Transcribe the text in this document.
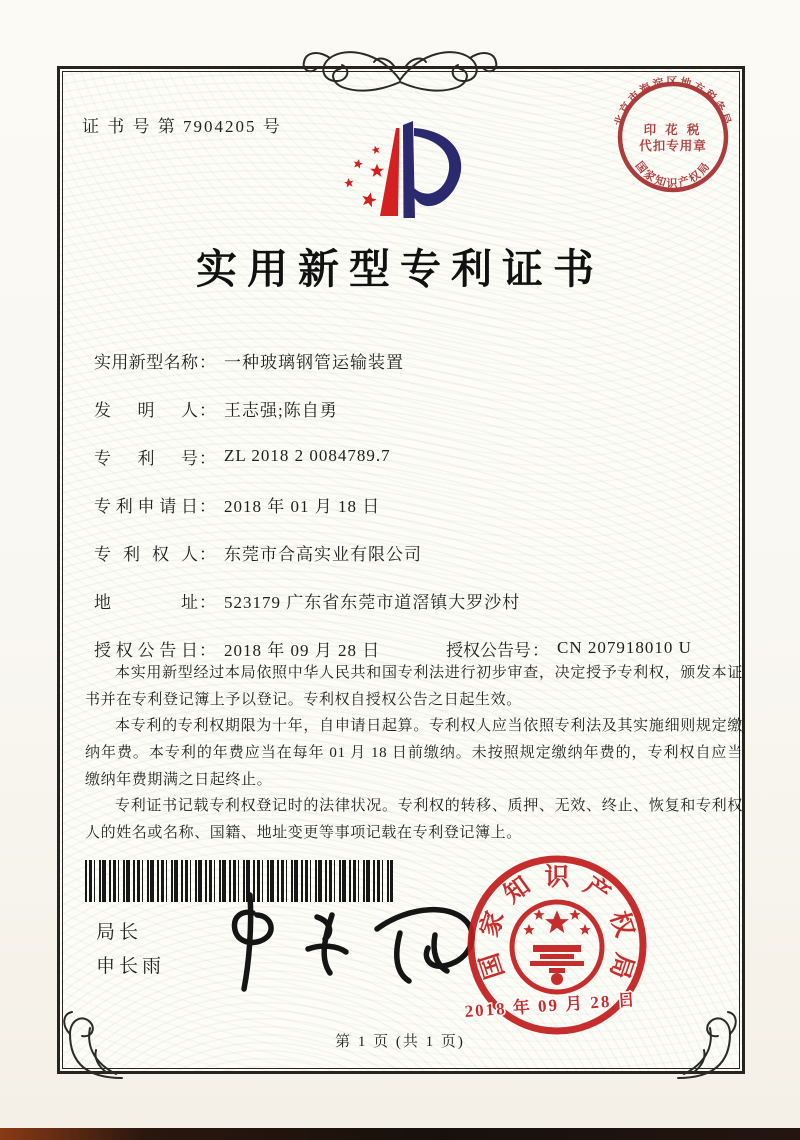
证 书 号 第 7904205 号	北京市海淀区地方税务局
印 花 税
代扣专用章
国家知识产权局
实用新型专利证书
实用新型名称 ： 一种玻璃钢管运输装置
发明人 ： 王志强;陈自勇
专利号 ： ZL 2018 2 0084789.7
专利申请日 ： 2018 年 01 月 18 日
专利权人 ： 东莞市合高实业有限公司
地址 ： 523179 广东省东莞市道滘镇大罗沙村
授权公告日 ： 2018 年 09 月 28 日	授权公告号 ： CN 207918010 U

本实用新型经过本局依照中华人民共和国专利法进行初步审查，决定授予专利权，颁发本证书并在专利登记簿上予以登记。专利权自授权公告之日起生效。

本专利的专利权期限为十年，自申请日起算。专利权人应当依照专利法及其实施细则规定缴纳年费。本专利的年费应当在每年 01 月 18 日前缴纳。未按照规定缴纳年费的，专利权自应当缴纳年费期满之日起终止。

专利证书记载专利权登记时的法律状况。专利权的转移、质押、无效、终止、恢复和专利权人的姓名或名称、国籍、地址变更等事项记载在专利登记簿上。

局长
申长雨	国
家
知 识 产
权
局
2018 年 09 月 28 日
第 1 页 (共 1 页)
